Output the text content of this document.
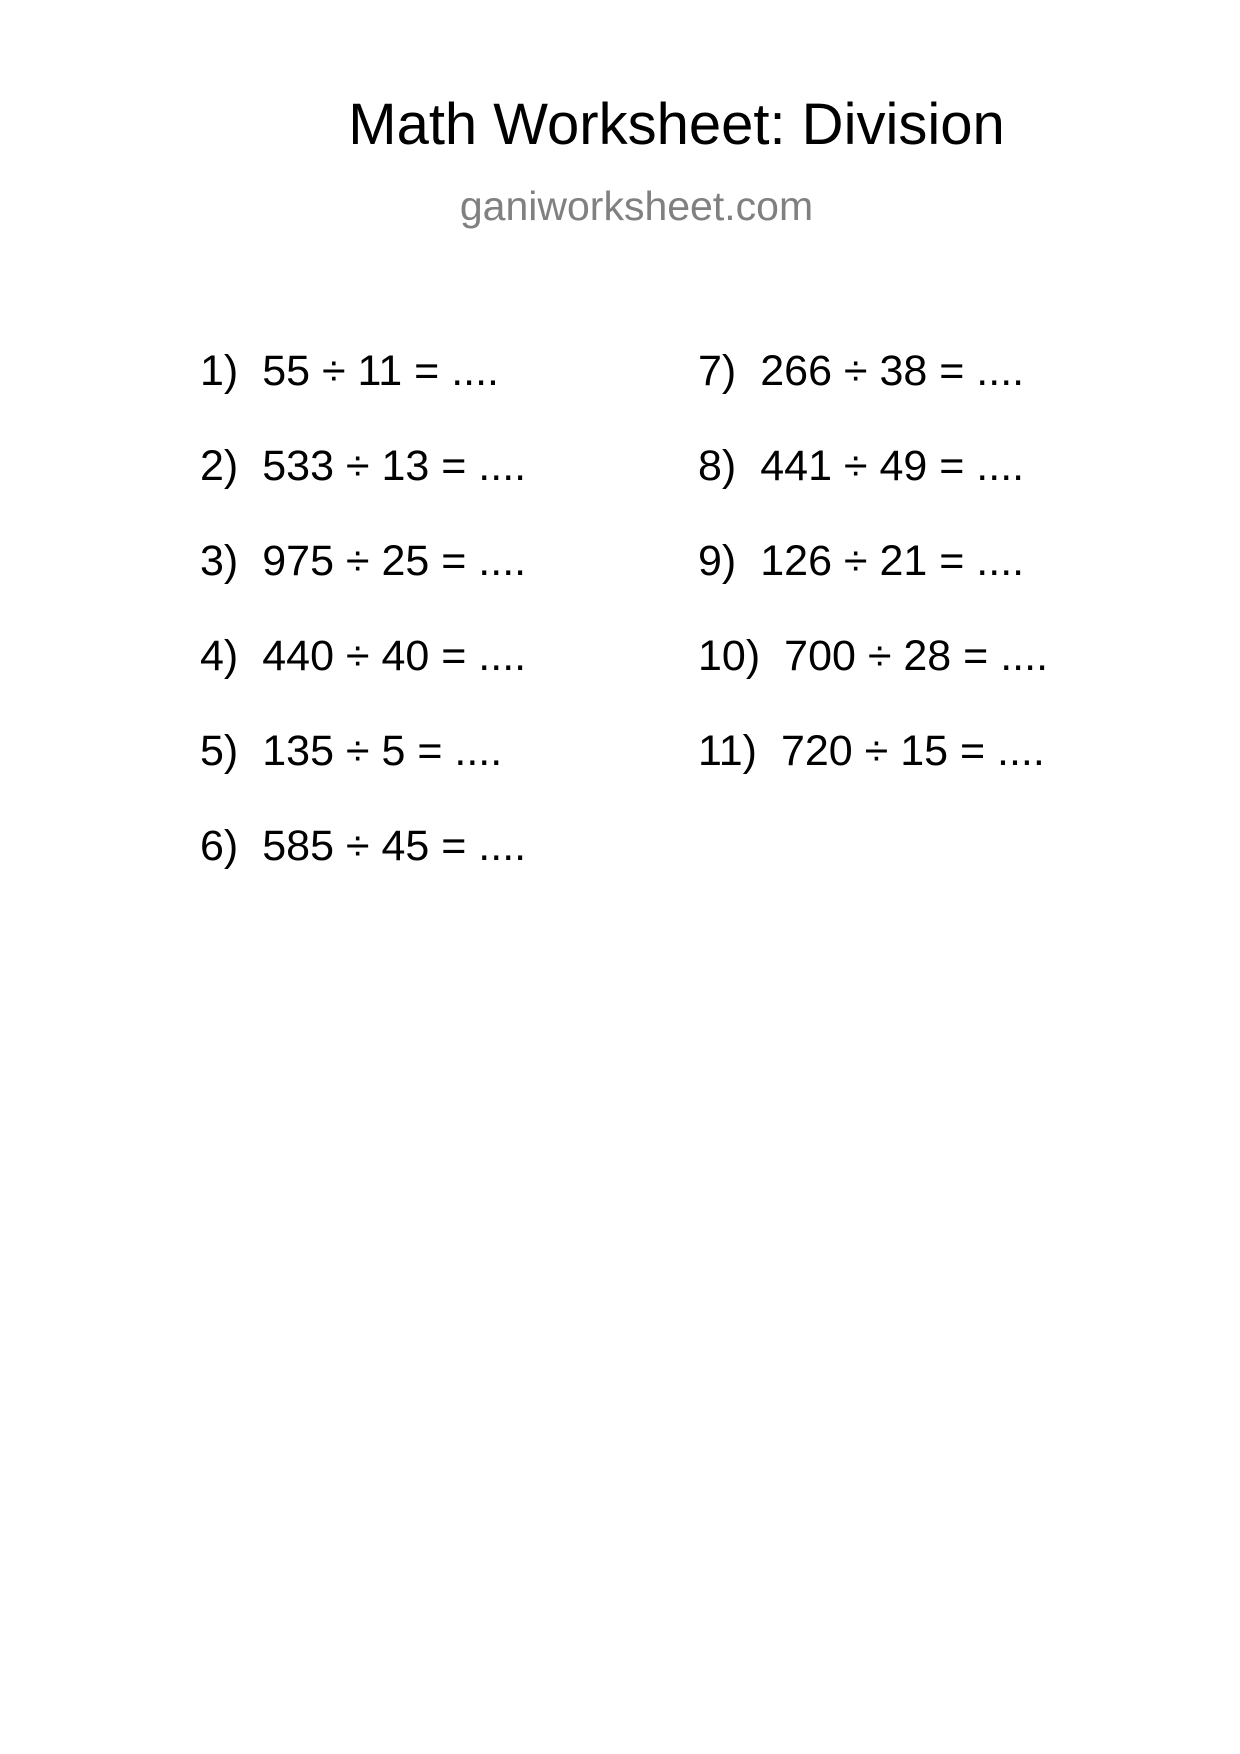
Math Worksheet: Division
ganiworksheet.com
1) 55 ÷ 11 = ....
2) 533 ÷ 13 = ....
3) 975 ÷ 25 = ....
4) 440 ÷ 40 = ....
5) 135 ÷ 5 = ....
6) 585 ÷ 45 = ....
7) 266 ÷ 38 = ....
8) 441 ÷ 49 = ....
9) 126 ÷ 21 = ....
10) 700 ÷ 28 = ....
11) 720 ÷ 15 = ....
